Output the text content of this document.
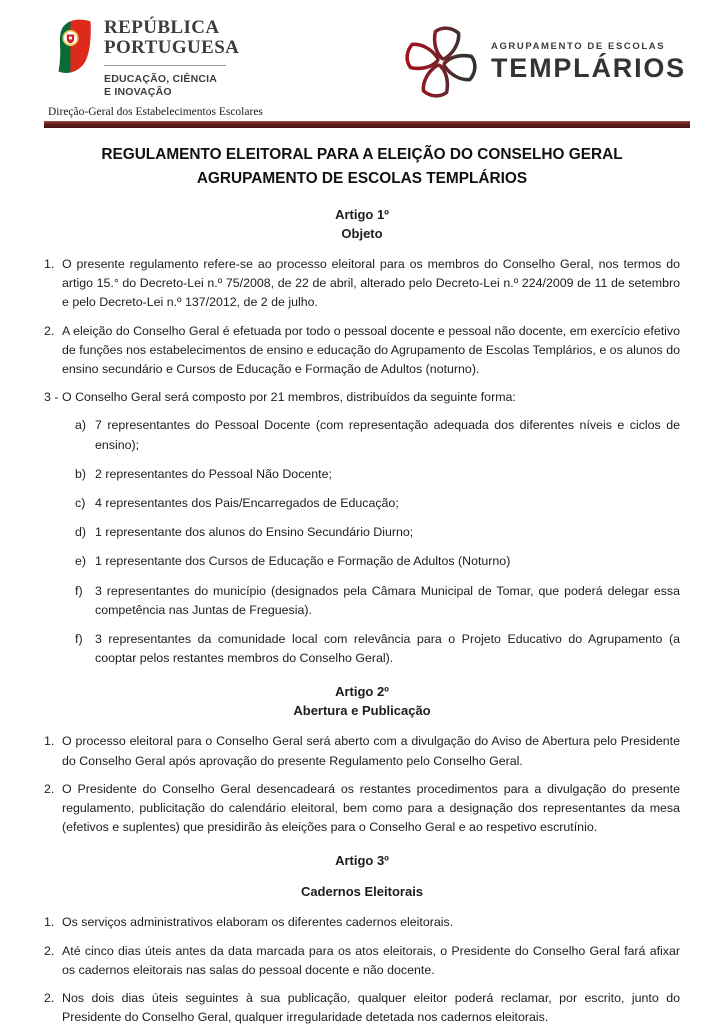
REPÚBLICA
PORTUGUESA
EDUCAÇÃO, CIÊNCIA
E INOVAÇÃO
Direção-Geral dos Estabelecimentos Escolares
AGRUPAMENTO DE ESCOLAS
TEMPLÁRIOS
REGULAMENTO ELEITORAL PARA A ELEIÇÃO DO CONSELHO GERAL
AGRUPAMENTO DE ESCOLAS TEMPLÁRIOS
Artigo 1º
Objeto
1. O presente regulamento refere-se ao processo eleitoral para os membros do Conselho Geral, nos termos do artigo 15.° do Decreto-Lei n.º 75/2008, de 22 de abril, alterado pelo Decreto-Lei n.º 224/2009 de 11 de setembro e pelo Decreto-Lei n.º 137/2012, de 2 de julho.
2. A eleição do Conselho Geral é efetuada por todo o pessoal docente e pessoal não docente, em exercício efetivo de funções nos estabelecimentos de ensino e educação do Agrupamento de Escolas Templários, e os alunos do ensino secundário e Cursos de Educação e Formação de Adultos (noturno).
3 - O Conselho Geral será composto por 21 membros, distribuídos da seguinte forma:
a) 7 representantes do Pessoal Docente (com representação adequada dos diferentes níveis e ciclos de ensino);
b) 2 representantes do Pessoal Não Docente;
c) 4 representantes dos Pais/Encarregados de Educação;
d) 1 representante dos alunos do Ensino Secundário Diurno;
e) 1 representante dos Cursos de Educação e Formação de Adultos (Noturno)
f)	3 representantes do município (designados pela Câmara Municipal de Tomar, que poderá delegar essa competência nas Juntas de Freguesia).
f)	3 representantes da comunidade local com relevância para o Projeto Educativo do Agrupamento (a cooptar pelos restantes membros do Conselho Geral).
Artigo 2º
Abertura e Publicação
1. O processo eleitoral para o Conselho Geral será aberto com a divulgação do Aviso de Abertura pelo Presidente do Conselho Geral após aprovação do presente Regulamento pelo Conselho Geral.
2. O Presidente do Conselho Geral desencadeará os restantes procedimentos para a divulgação do presente regulamento, publicitação do calendário eleitoral, bem como para a designação dos representantes da mesa (efetivos e suplentes) que presidirão às eleições para o Conselho Geral e ao respetivo escrutínio.
Artigo 3º
Cadernos Eleitorais
1. Os serviços administrativos elaboram os diferentes cadernos eleitorais.
2. Até cinco dias úteis antes da data marcada para os atos eleitorais, o Presidente do Conselho Geral fará afixar os cadernos eleitorais nas salas do pessoal docente e não docente.
2. Nos dois dias úteis seguintes à sua publicação, qualquer eleitor poderá reclamar, por escrito, junto do Presidente do Conselho Geral, qualquer irregularidade detetada nos cadernos eleitorais.
